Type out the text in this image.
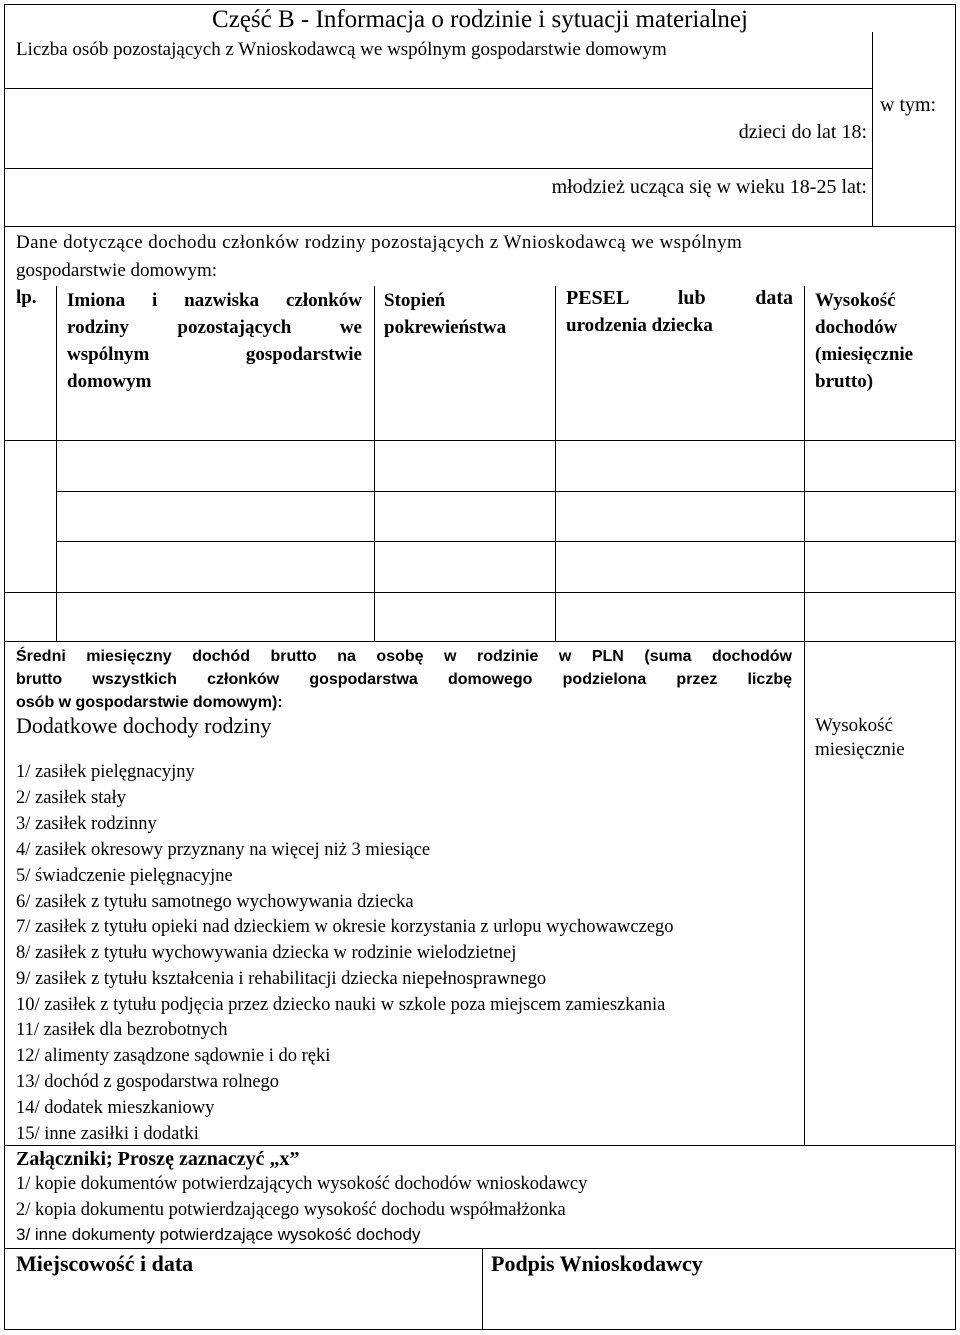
Część B - Informacja o rodzinie i sytuacji materialnej
Liczba osób pozostających z Wnioskodawcą we wspólnym gospodarstwie domowym
w tym:
dzieci do lat 18:
młodzież ucząca się w wieku 18-25 lat:
Dane dotyczące dochodu członków rodziny pozostających z Wnioskodawcą we wspólnym
gospodarstwie domowym:
lp. Imiona i nazwiska członków
rodziny pozostających we
wspólnym gospodarstwie
domowym
Stopień
pokrewieństwa
PESEL lub data
urodzenia dziecka
Wysokość
dochodów
(miesięcznie
brutto)
Średni miesięczny dochód brutto na osobę w rodzinie w PLN (suma dochodów
brutto wszystkich członków gospodarstwa domowego podzielona przez liczbę
osób w gospodarstwie domowym):
Dodatkowe dochody rodziny	Wysokość
miesięcznie
1/ zasiłek pielęgnacyjny
2/ zasiłek stały
3/ zasiłek rodzinny
4/ zasiłek okresowy przyznany na więcej niż 3 miesiące
5/ świadczenie pielęgnacyjne
6/ zasiłek z tytułu samotnego wychowywania dziecka
7/ zasiłek z tytułu opieki nad dzieckiem w okresie korzystania z urlopu wychowawczego
8/ zasiłek z tytułu wychowywania dziecka w rodzinie wielodzietnej
9/ zasiłek z tytułu kształcenia i rehabilitacji dziecka niepełnosprawnego
10/ zasiłek z tytułu podjęcia przez dziecko nauki w szkole poza miejscem zamieszkania
11/ zasiłek dla bezrobotnych
12/ alimenty zasądzone sądownie i do ręki
13/ dochód z gospodarstwa rolnego
14/ dodatek mieszkaniowy
15/ inne zasiłki i dodatki
Załączniki; Proszę zaznaczyć „x”
1/ kopie dokumentów potwierdzających wysokość dochodów wnioskodawcy
2/ kopia dokumentu potwierdzającego wysokość dochodu współmałżonka
3/ inne dokumenty potwierdzające wysokość dochody
Miejscowość i data	Podpis Wnioskodawcy
